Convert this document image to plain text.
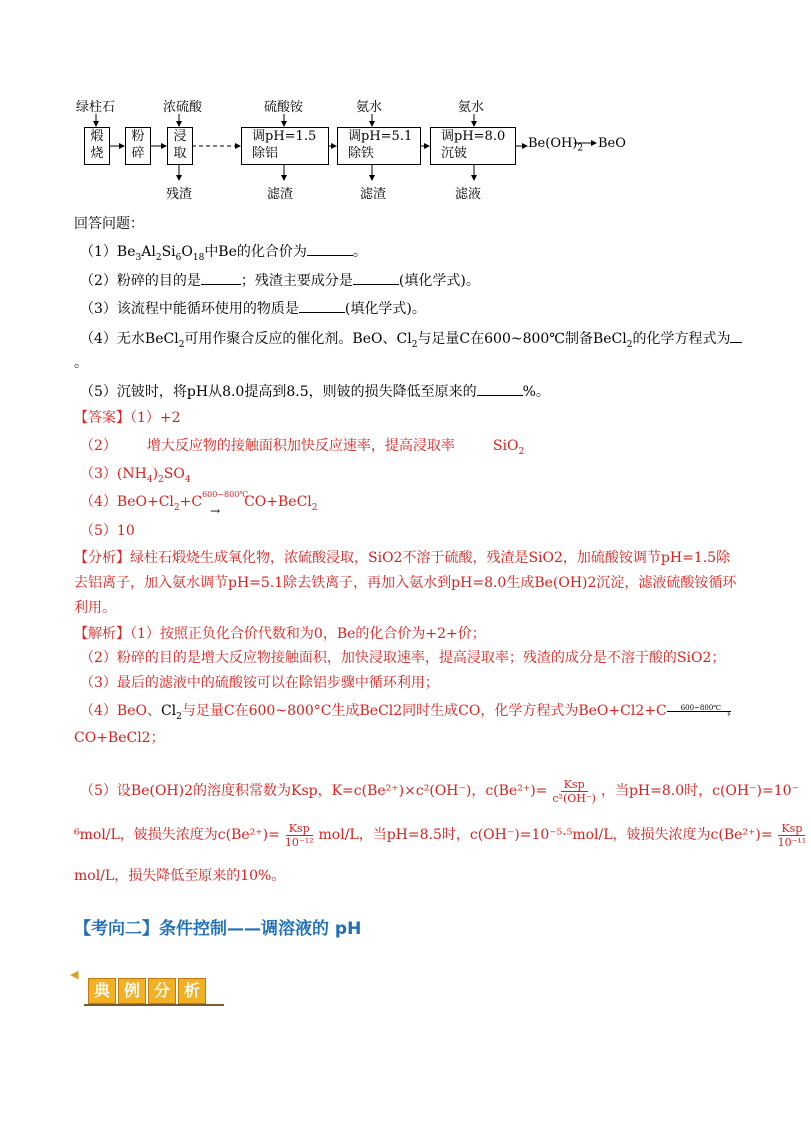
绿柱石	浓硫酸	硫酸铵	氨水	氨水
煅
烧
粉
碎
浸
取
调pH=1.5
除铝
调pH=5.1
除铁
调pH=8.0
沉铍
$Be(OH)_2$ BeO
残渣	滤渣	滤渣	滤液
回答问题：
$(1)Be_3Al_2Si_6O_{18}$中Be的化合价为	。
（2）粉碎的目的是	；残渣主要成分是	(填化学式)。
（3）该流程中能循环使用的物质是	(填化学式)。
（4）无水BeCl$_2$可用作聚合反应的催化剂。BeO、$Cl_2$与足量C在600~800℃制备BeCl$_2$的化学方程式为
。
（5）沉铍时，将pH从8.0提高到8.5，则铍的损失降低至原来的	%。
【答案】（1）+2
（2） 增大反应物的接触面积加快反应速率，提高浸取率	SiO$_2$
$(3)(NH_4)_2SO_4$
$(4)BeO+Cl_2+C$ 600~800℃
→
CO+BeCl$_2$
（5）10
【分析】绿柱石煅烧生成氧化物，浓硫酸浸取，SiO2不溶于硫酸，残渣是SiO2，加硫酸铵调节pH=1.5除
去铝离子，加入氨水调节pH=5.1除去铁离子，再加入氨水到pH=8.0生成Be(OH)2沉淀，滤液硫酸铵循环
利用。
【解析】（1）按照正负化合价代数和为0，Be的化合价为+2+价；
（2）粉碎的目的是增大反应物接触面积，加快浸取速率，提高浸取率；残渣的成分是不溶于酸的SiO2；
（3）最后的滤液中的硫酸铵可以在除铝步骤中循环利用；
（4）BeO、$Cl_2$与足量C在600~800°C生成BeCl2同时生成CO，化学方程式为BeO+Cl2+C 600~800℃
›
CO+BeCl2；
（5）设Be(OH)2的溶度积常数为Ksp，K=c(Be²⁺)×c²(OH⁻)，$c(Be^{2+})= \frac{\text{Ksp}}{\text{c²(OH⁻)}}$ ，当pH=8.0时，c(OH⁻)=10⁻
⁶mol/L，铍损失浓度为$c(Be^{2+})= \frac{\text{Ksp}}{\text{10⁻¹²}} mol/L$，当pH=8.5时，c(OH⁻)=10⁻⁵·⁵mol/L，铍损失浓度为$c(Be^{2+})= \frac{\text{Ksp}}{\text{10⁻¹¹}}$
mol/L，损失降低至原来的10%。
【考向二】条件控制——调溶液的 pH
◀
典 例 分 析
